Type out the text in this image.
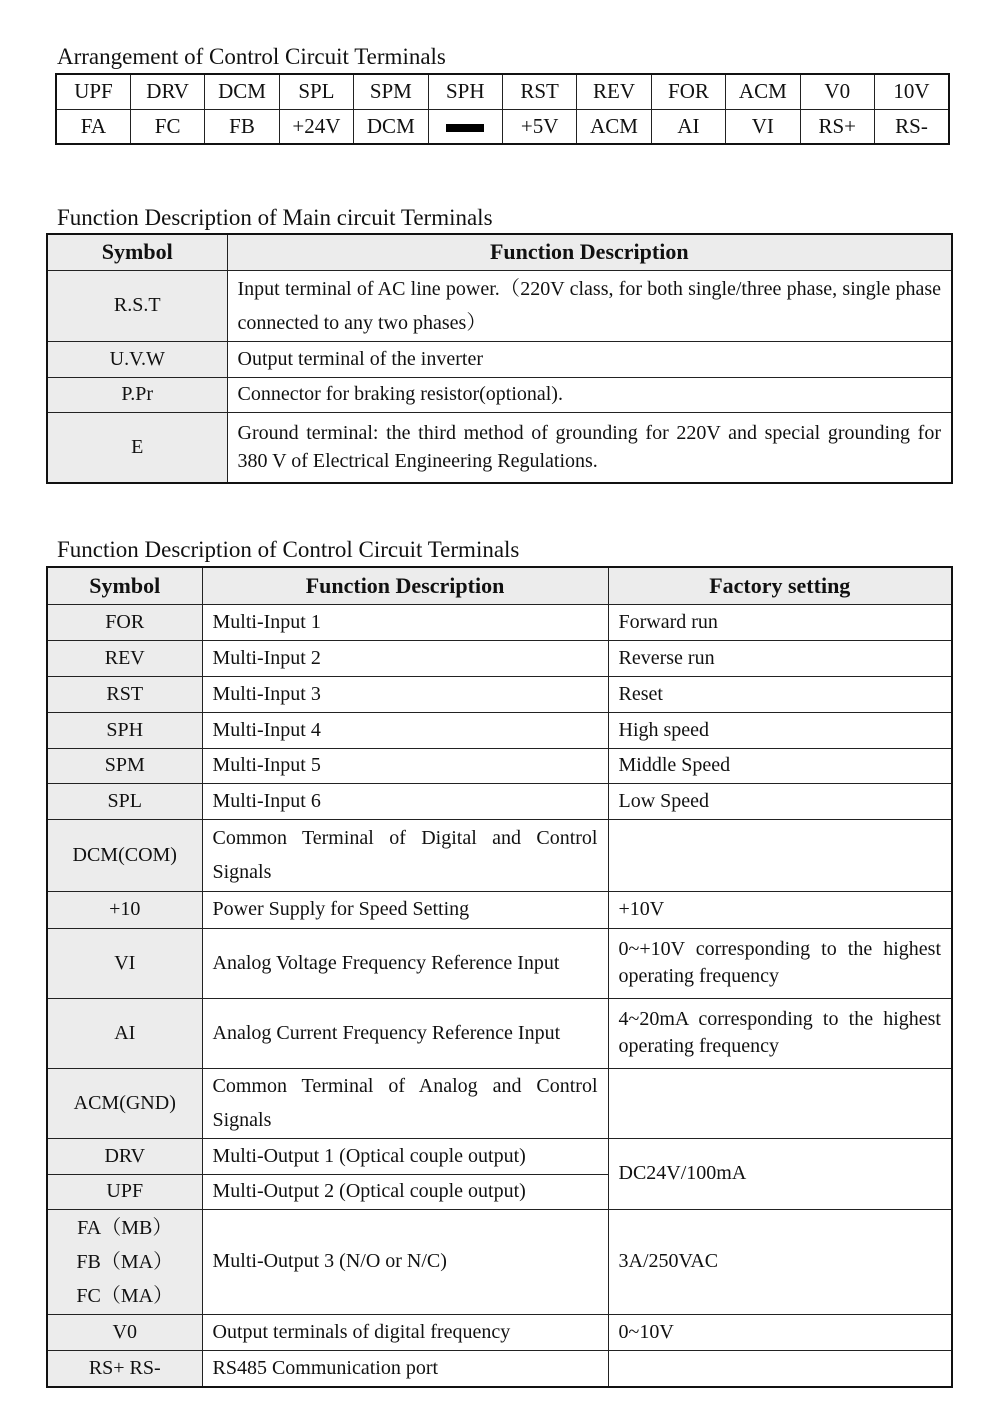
Arrangement of Control Circuit Terminals
UPF	DRV	DCM	SPL	SPM	SPH	RST	REV	FOR	ACM	V0	10V
FA	FC	FB	+24V	DCM		+5V	ACM	AI	VI	RS+	RS-
Function Description of Main circuit Terminals
Symbol	Function Description
R.S.T	Input terminal of AC line power.（220V class, for both single/three phase, single phase connected to any two phases）
U.V.W	Output terminal of the inverter
P.Pr	Connector for braking resistor(optional).
E	Ground terminal: the third method of grounding for 220V and special grounding for 380 V of Electrical Engineering Regulations.
Function Description of Control Circuit Terminals
Symbol	Function Description	Factory setting
FOR	Multi-Input 1	Forward run
REV	Multi-Input 2	Reverse run
RST	Multi-Input 3	Reset
SPH	Multi-Input 4	High speed
SPM	Multi-Input 5	Middle Speed
SPL	Multi-Input 6	Low Speed
DCM(COM)	Common Terminal of Digital and Control Signals	
+10	Power Supply for Speed Setting	+10V
VI	Analog Voltage Frequency Reference Input	0~+10V corresponding to the highest operating frequency
AI	Analog Current Frequency Reference Input	4~20mA corresponding to the highest operating frequency
ACM(GND)	Common Terminal of Analog and Control Signals	
DRV	Multi-Output 1 (Optical couple output)	DC24V/100mA
UPF	Multi-Output 2 (Optical couple output)	

FA（MB）
FB（MA）
FC（MA）	Multi-Output 3 (N/O or N/C)	3A/250VAC
V0	Output terminals of digital frequency	0~10V
RS+ RS-	RS485 Communication port	
